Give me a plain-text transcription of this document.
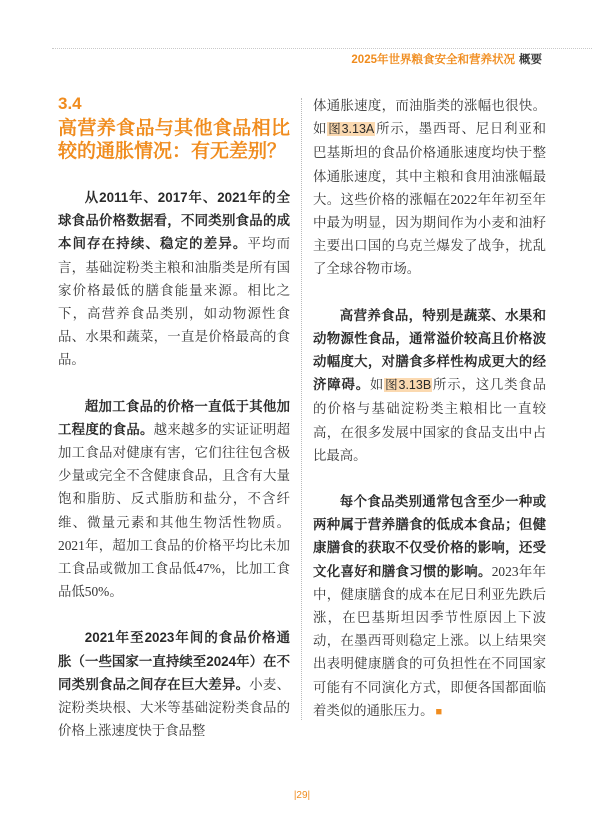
2025年世界粮食安全和营养状况 概要
3.4
高营养食品与其他食品相比较的通胀情况：有无差别？

从2011年、2017年、2021年的全球食品价格数据看，不同类别食品的成本间存在持续、稳定的差异。平均而言，基础淀粉类主粮和油脂类是所有国家价格最低的膳食能量来源。相比之下，高营养食品类别，如动物源性食品、水果和蔬菜，一直是价格最高的食品。

超加工食品的价格一直低于其他加工程度的食品。越来越多的实证证明超加工食品对健康有害，它们往往包含极少量或完全不含健康食品，且含有大量饱和脂肪、反式脂肪和盐分，不含纤维、微量元素和其他生物活性物质。2021年，超加工食品的价格平均比未加工食品或微加工食品低47%，比加工食品低50%。

2021年至2023年间的食品价格通胀（一些国家一直持续至2024年）在不同类别食品之间存在巨大差异。小麦、淀粉类块根、大米等基础淀粉类食品的价格上涨速度快于食品整

体通胀速度，而油脂类的涨幅也很快。如图3.13A所示，墨西哥、尼日利亚和巴基斯坦的食品价格通胀速度均快于整体通胀速度，其中主粮和食用油涨幅最大。这些价格的涨幅在2022年年初至年中最为明显，因为期间作为小麦和油籽主要出口国的乌克兰爆发了战争，扰乱了全球谷物市场。

高营养食品，特别是蔬菜、水果和动物源性食品，通常溢价较高且价格波动幅度大，对膳食多样性构成更大的经济障碍。如图3.13B所示，这几类食品的价格与基础淀粉类主粮相比一直较高，在很多发展中国家的食品支出中占比最高。

每个食品类别通常包含至少一种或两种属于营养膳食的低成本食品；但健康膳食的获取不仅受价格的影响，还受文化喜好和膳食习惯的影响。2023年年中，健康膳食的成本在尼日利亚先跌后涨，在巴基斯坦因季节性原因上下波动，在墨西哥则稳定上涨。以上结果突出表明健康膳食的可负担性在不同国家可能有不同演化方式，即便各国都面临着类似的通胀压力。 ■

|29|
